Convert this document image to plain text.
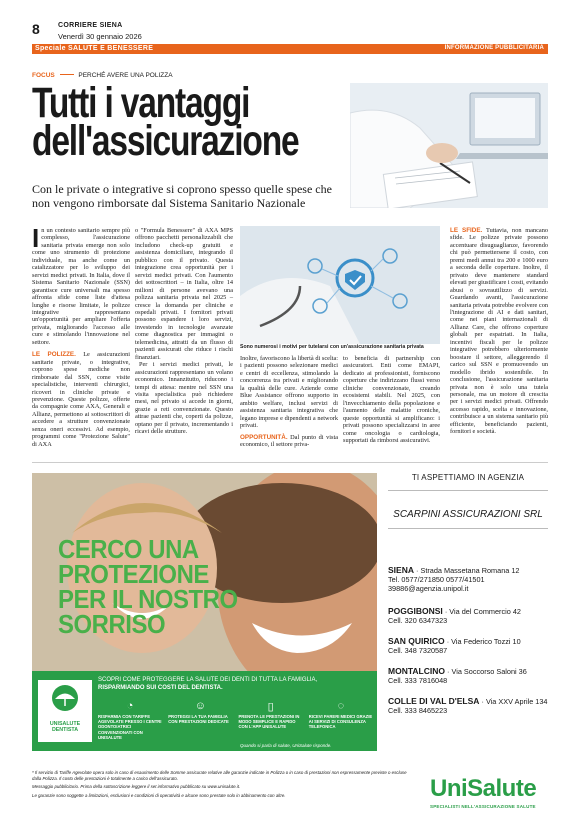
8	CORRIERE SIENA
Venerdì 30 gennaio 2026
Speciale SALUTE E BENESSERE	INFORMAZIONE PUBBLICITARIA
FOCUS	PERCHÉ AVERE UNA POLIZZA
Tutti i vantaggi
dell'assicurazione
Con le private o integrative si coprono spesso quelle spese che non vengono rimborsate dal Sistema Sanitario Nazionale
I n un contesto sanitario sempre più complesso, l'assicurazione sanitaria privata emerge non solo come uno strumento di protezione individuale, ma anche come un catalizzatore per lo sviluppo dei servizi medici privati. In Italia, dove il Sistema Sanitario Nazionale (SSN) garantisce cure universali ma spesso affronta sfide come liste d'attesa lunghe e risorse limitate, le polizze integrative rappresentano un'opportunità per ampliare l'offerta privata, migliorando l'accesso alle cure e stimolando l'innovazione nel settore.
LE POLIZZE. Le assicurazioni sanitarie private, o integrative, coprono spese mediche non rimborsate dal SSN, come visite specialistiche, interventi chirurgici, ricoveri in cliniche private e prevenzione. Queste polizze, offerte da compagnie come AXA, Generali e Allianz, permettono ai sottoscrittori di accedere a strutture convenzionate senza oneri eccessivi. Ad esempio, programmi come "Protezione Salute" di AXA
o "Formula Benessere" di AXA MPS offrono pacchetti personalizzabili che includono check-up gratuiti e assistenza domiciliare, integrando il pubblico con il privato. Questa integrazione crea opportunità per i servizi medici privati. Con l'aumento dei sottoscrittori – in Italia, oltre 14 milioni di persone avevano una polizza sanitaria privata nel 2025 – cresce la domanda per cliniche e ospedali privati. I fornitori privati possono espandere i loro servizi, investendo in tecnologie avanzate come diagnostica per immagini o telemedicina, attratti da un flusso di pazienti assicurati che riduce i rischi finanziari.
Per i servizi medici privati, le assicurazioni rappresentano un volano economico. Innanzitutto, riducono i tempi di attesa: mentre nel SSN una visita specialistica può richiedere mesi, nel privato si accede in giorni, grazie a reti convenzionate. Questo attrae pazienti che, coperti da polizze, optano per il privato, incrementando i ricavi delle strutture.
Sono numerosi i motivi per tutelarsi con un'assicurazione sanitaria privata
Inoltre, favoriscono la libertà di scelta: i pazienti possono selezionare medici e centri di eccellenza, stimolando la concorrenza tra privati e migliorando la qualità delle cure. Aziende come Blue Assistance offrono supporto in ambito welfare, inclusi servizi di assistenza sanitaria integrativa che legano imprese e dipendenti a network privati.
OPPORTUNITÀ. Dal punto di vista economico, il settore priva-
to beneficia di partnership con assicuratori. Enti come EMAPI, dedicato ai professionisti, forniscono coperture che indirizzano flussi verso cliniche convenzionate, creando ecosistemi stabili. Nel 2025, con l'invecchiamento della popolazione e l'aumento delle malattie croniche, queste opportunità si amplificano: i privati possono specializzarsi in aree come oncologia o cardiologia, supportati da rimborsi assicurativi.
LE SFIDE. Tuttavia, non mancano sfide. Le polizze private possono accentuare disuguaglianze, favorendo chi può permettersene il costo, con premi medi annui tra 200 e 1000 euro a seconda delle coperture. Inoltre, il privato deve mantenere standard elevati per giustificare i costi, evitando abusi o sovrautilizzo di servizi. Guardando avanti, l'assicurazione sanitaria privata potrebbe evolvere con l'integrazione di AI e dati sanitari, come nei piani internazionali di Allianz Care, che offrono coperture globali per espatriati. In Italia, incentivi fiscali per le polizze integrative potrebbero ulteriormente boostare il settore, alleggerendo il carico sul SSN e promuovendo un modello ibrido sostenibile. In conclusione, l'assicurazione sanitaria privata non è solo una tutela personale, ma un motore di crescita per i servizi medici privati. Offrendo accesso rapido, scelta e innovazione, contribuisce a un sistema sanitario più efficiente, beneficiando pazienti, fornitori e società.
CERCO UNA
PROTEZIONE
PER IL NOSTRO
SORRISO
SCOPRI COME PROTEGGERE LA SALUTE DEI DENTI DI TUTTA LA FAMIGLIA,
RISPARMIANDO SUI COSTI DEL DENTISTA.
UNISALUTE DENTISTA
◔
RISPARMIA CON TARIFFE AGEVOLATE PRESSO I CENTRI ODONTOIATRICI CONVENZIONATI CON UNISALUTE
☺
PROTEGGI LA TUA FAMIGLIA CON PRESTAZIONI DEDICATE
▯
PRENOTA LE PRESTAZIONI IN MODO SEMPLICE E RAPIDO CON L'APP UNISALUTE
◌
RICEVI PARERI MEDICI GRAZIE AI SERVIZI DI CONSULENZA TELEFONICA
Quando si parla di salute, UniSalute risponde.
TI ASPETTIAMO IN AGENZIA
SCARPINI ASSICURAZIONI SRL
SIENA · Strada Massetana Romana 12
Tel. 0577/271850 0577/41501
39886@agenzia.unipol.it
POGGIBONSI · Via del Commercio 42
Cell. 320 6347323
SAN QUIRICO · Via Federico Tozzi 10
Cell. 348 7320587
MONTALCINO · Via Soccorso Saloni 36
Cell. 333 7816048
COLLE DI VAL D'ELSA · Via XXV Aprile 134
Cell. 333 8465223
* Il servizio di Tariffe Agevolate opera solo in caso di esaurimento delle Somme assicurate relative alle garanzie indicate in Polizza o in caso di prestazioni non espressamente previste o escluse dalla Polizza. Il costo delle prestazioni è totalmente a carico dell'assicurato.
Messaggio pubblicitario. Prima della sottoscrizione leggere il set informativo pubblicato su www.unisalute.it.
Le garanzie sono soggette a limitazioni, esclusioni e condizioni di operatività e alcune sono prestate solo in abbinamento con altre.	UniSalute
SPECIALISTI NELL'ASSICURAZIONE SALUTE
